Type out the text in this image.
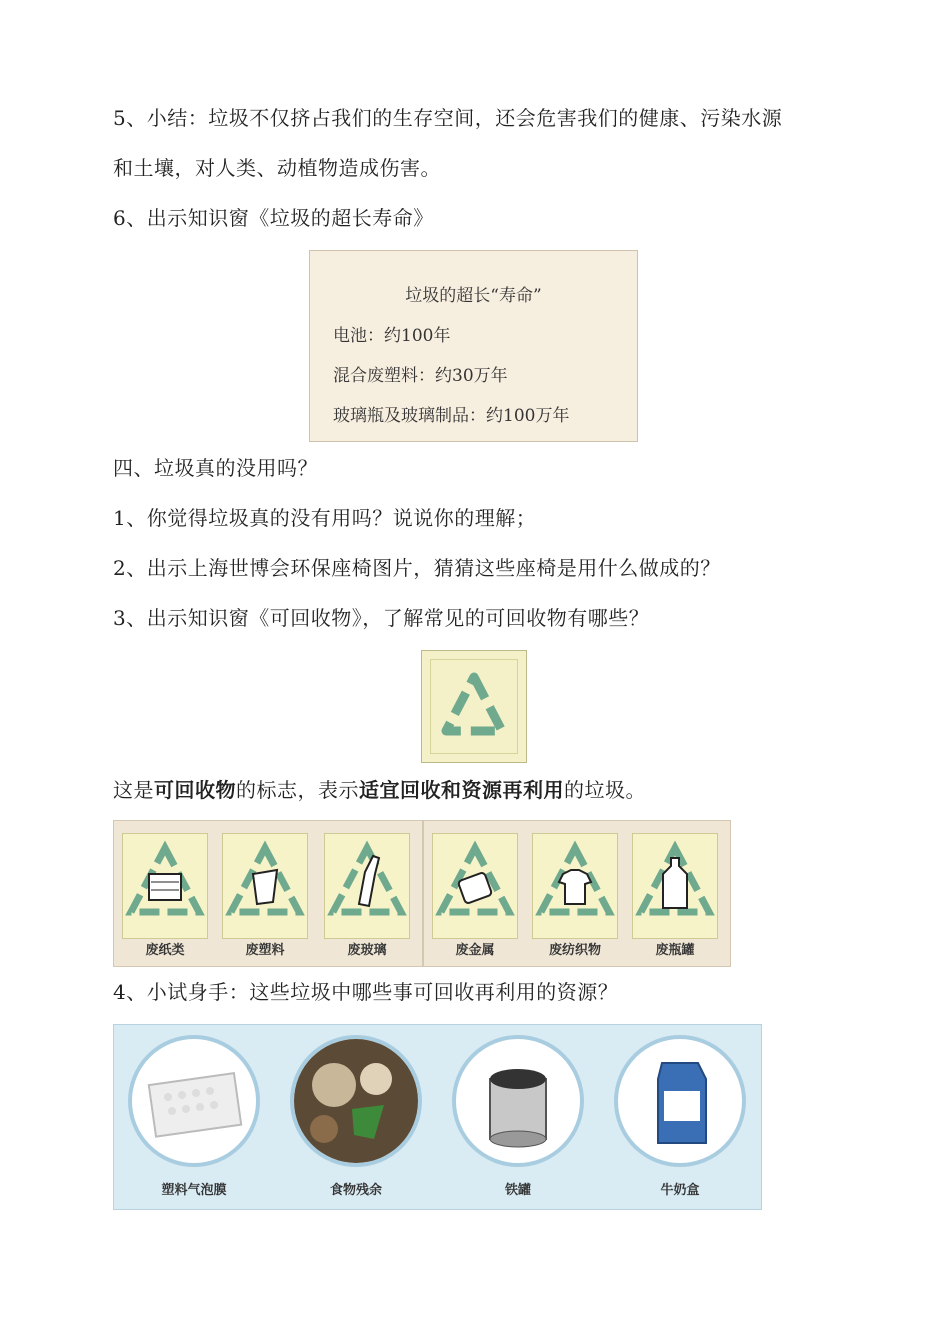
5、小结：垃圾不仅挤占我们的生存空间，还会危害我们的健康、污染水源
和土壤，对人类、动植物造成伤害。
6、出示知识窗《垃圾的超长寿命》
垃圾的超长“寿命”
电池：约100年
混合废塑料：约30万年
玻璃瓶及玻璃制品：约100万年
四、垃圾真的没用吗？
1、你觉得垃圾真的没有用吗？说说你的理解；
2、出示上海世博会环保座椅图片，猜猜这些座椅是用什么做成的？
3、出示知识窗《可回收物》，了解常见的可回收物有哪些？
这是可回收物的标志，表示适宜回收和资源再利用的垃圾。
废纸类	废塑料	废玻璃	废金属	废纺织物	废瓶罐
4、小试身手：这些垃圾中哪些事可回收再利用的资源？
塑料气泡膜	食物残余	铁罐	牛奶盒
